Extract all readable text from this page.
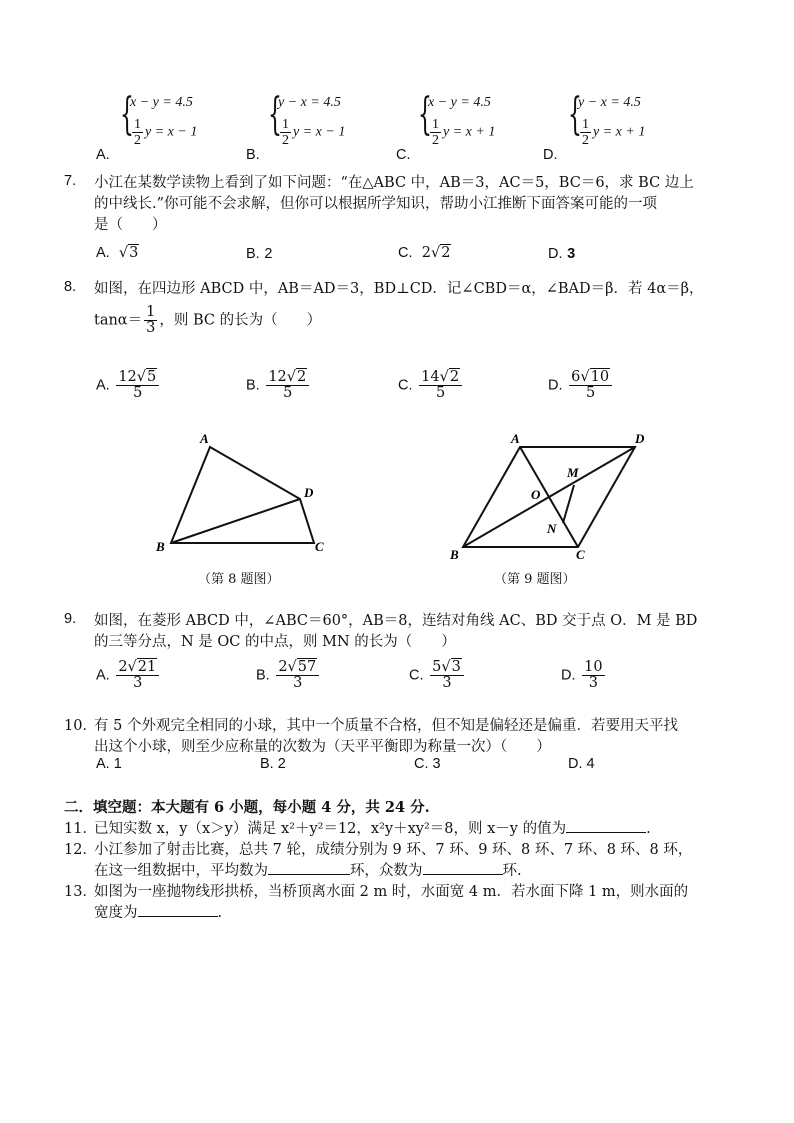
{
x − y = 4.5
$\frac{1}{2}$ y = x − 1
A.
{
y − x = 4.5
$\frac{1}{2}$ y = x − 1
B.
{
x − y = 4.5
$\frac{1}{2}$ y = x + 1
C.
{
y − x = 4.5
$\frac{1}{2}$ y = x + 1
D.
7. 小江在某数学读物上看到了如下问题：“在△ABC 中，AB＝3，AC＝5，BC＝6，求 BC 边上
的中线长.”你可能不会求解，但你可以根据所学知识，帮助小江推断下面答案可能的一项
是（　　）
A.  √3	B. 2	C. 2√2	D. 3
8. 如图，在四边形 ABCD 中，AB＝AD＝3，BD⊥CD．记∠CBD＝α，∠BAD＝β．若 4α＝β，
$\tan\alpha= \frac{1}{3}$ ，则 BC 的长为（　　）
A. $\frac{12√5}{5}$	B. $\frac{12√2}{5}$	C. $\frac{14√2}{5}$	D. $\frac{6√10}{5}$
A
B	C
D
（第 8 题图）
A
B	C
D
M
N
O
（第 9 题图）
9. 如图，在菱形 ABCD 中，∠ABC＝60°，AB＝8，连结对角线 AC、BD 交于点 O．M 是 BD
的三等分点，N 是 OC 的中点，则 MN 的长为（　　）
A. $\frac{2√21}{3}$	B. $\frac{2√57}{3}$	C. $\frac{5√3}{3}$	D. $\frac{10}{3}$
10．
有 5 个外观完全相同的小球，其中一个质量不合格，但不知是偏轻还是偏重．若要用天平找
出这个小球，则至少应称量的次数为（天平平衡即为称量一次）（　　）
A. 1	B. 2	C. 3	D. 4
二．填空题：本大题有 6 小题，每小题 4 分，共 24 分.
11．
已知实数 x，y（x＞y）满足 x²＋y²＝12，x²y＋xy²＝8，则 x－y 的值为	.
12．
小江参加了射击比赛，总共 7 轮，成绩分别为 9 环、7 环、9 环、8 环、7 环、8 环、8 环，
在这一组数据中，平均数为	环，众数为	环.
13．
如图为一座抛物线形拱桥，当桥顶离水面 2 m 时，水面宽 4 m．若水面下降 1 m，则水面的
宽度为	.
